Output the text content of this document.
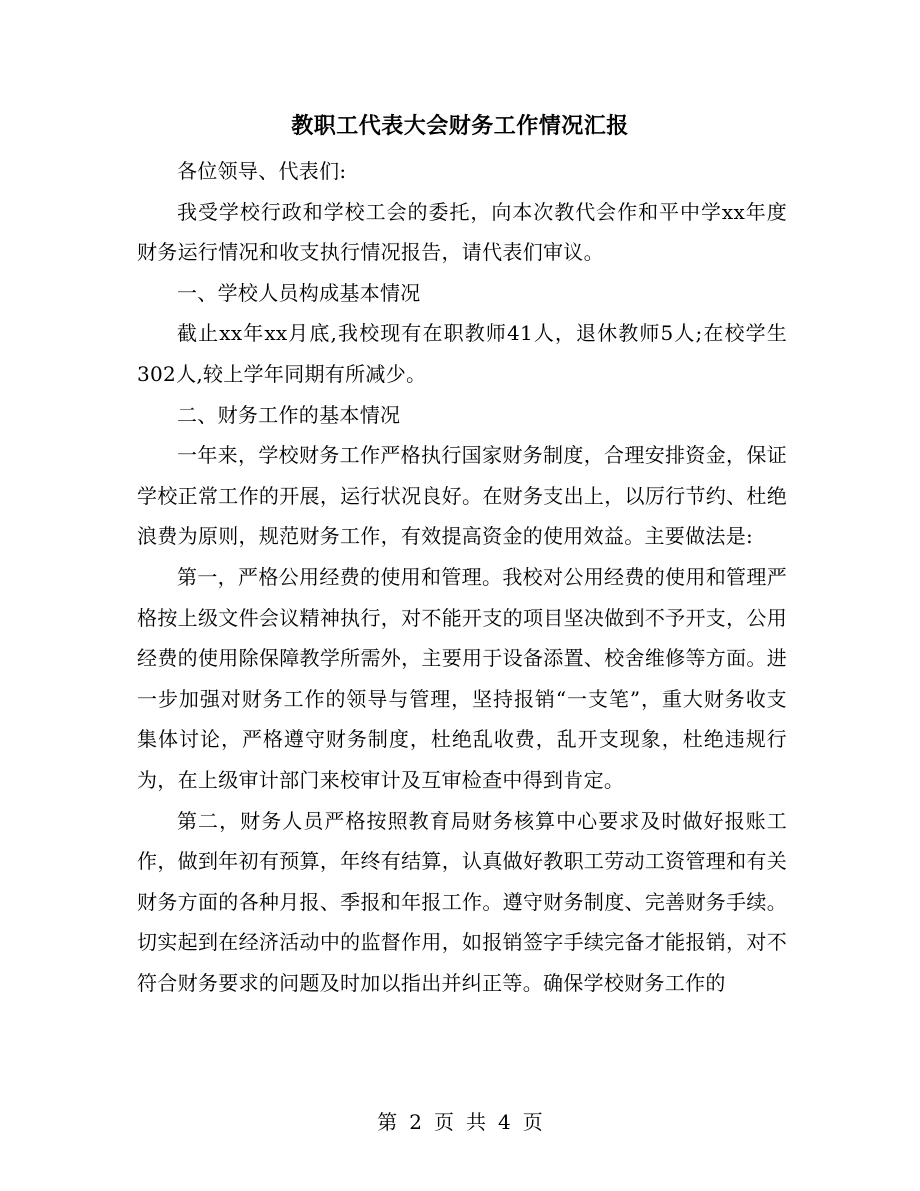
教职工代表大会财务工作情况汇报

各位领导、代表们:

我受学校行政和学校工会的委托，向本次教代会作和平中学xx年度财务运行情况和收支执行情况报告，请代表们审议。

一、学校人员构成基本情况

截止xx年xx月底,我校现有在职教师41人，退休教师5人;在校学生302人,较上学年同期有所减少。

二、财务工作的基本情况

一年来，学校财务工作严格执行国家财务制度，合理安排资金，保证学校正常工作的开展，运行状况良好。在财务支出上，以厉行节约、杜绝浪费为原则，规范财务工作，有效提高资金的使用效益。主要做法是:

第一，严格公用经费的使用和管理。我校对公用经费的使用和管理严格按上级文件会议精神执行，对不能开支的项目坚决做到不予开支，公用经费的使用除保障教学所需外，主要用于设备添置、校舍维修等方面。进一步加强对财务工作的领导与管理，坚持报销“一支笔”，重大财务收支集体讨论，严格遵守财务制度，杜绝乱收费，乱开支现象，杜绝违规行为，在上级审计部门来校审计及互审检查中得到肯定。

第二，财务人员严格按照教育局财务核算中心要求及时做好报账工作，做到年初有预算，年终有结算，认真做好教职工劳动工资管理和有关财务方面的各种月报、季报和年报工作。遵守财务制度、完善财务手续。切实起到在经济活动中的监督作用，如报销签字手续完备才能报销，对不符合财务要求的问题及时加以指出并纠正等。确保学校财务工作的

第 2 页 共 4 页
